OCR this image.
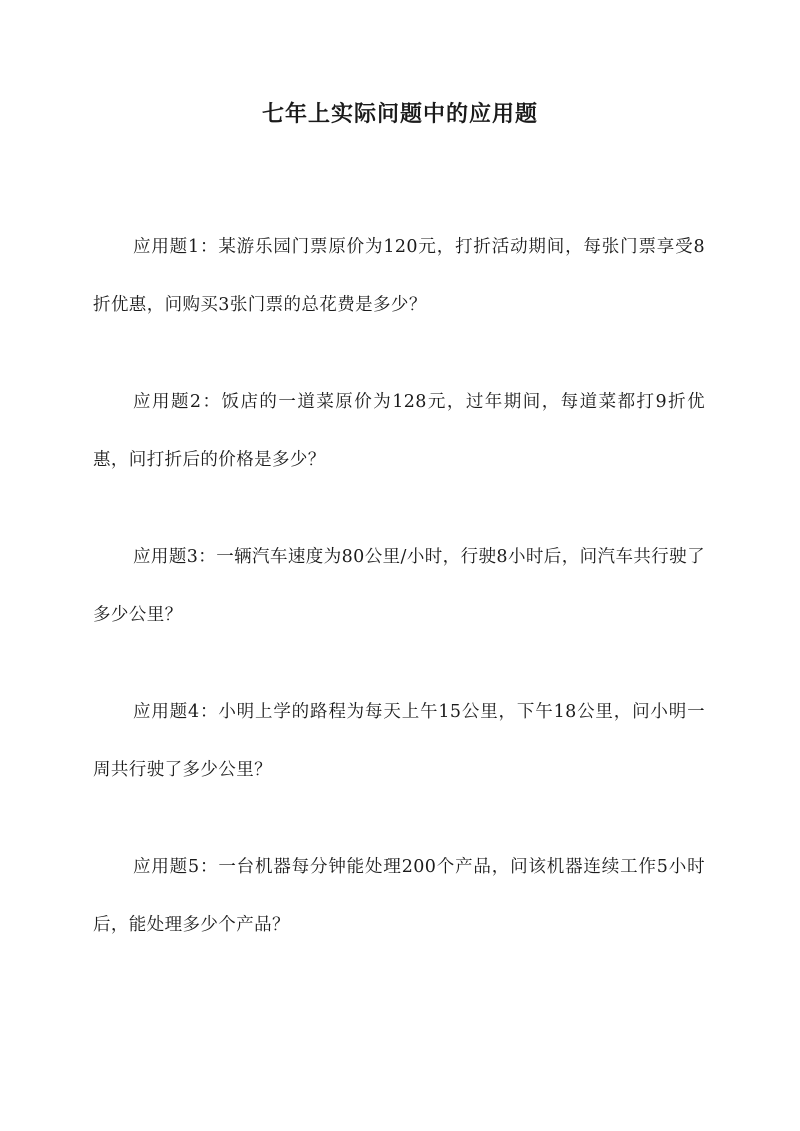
七年上实际问题中的应用题

应用题1：某游乐园门票原价为120元，打折活动期间，每张门票享受8折优惠，问购买3张门票的总花费是多少？

应用题2：饭店的一道菜原价为128元，过年期间，每道菜都打9折优惠，问打折后的价格是多少？

应用题3：一辆汽车速度为80公里/小时，行驶8小时后，问汽车共行驶了多少公里？

应用题4：小明上学的路程为每天上午15公里，下午18公里，问小明一周共行驶了多少公里？

应用题5：一台机器每分钟能处理200个产品，问该机器连续工作5小时后，能处理多少个产品？
